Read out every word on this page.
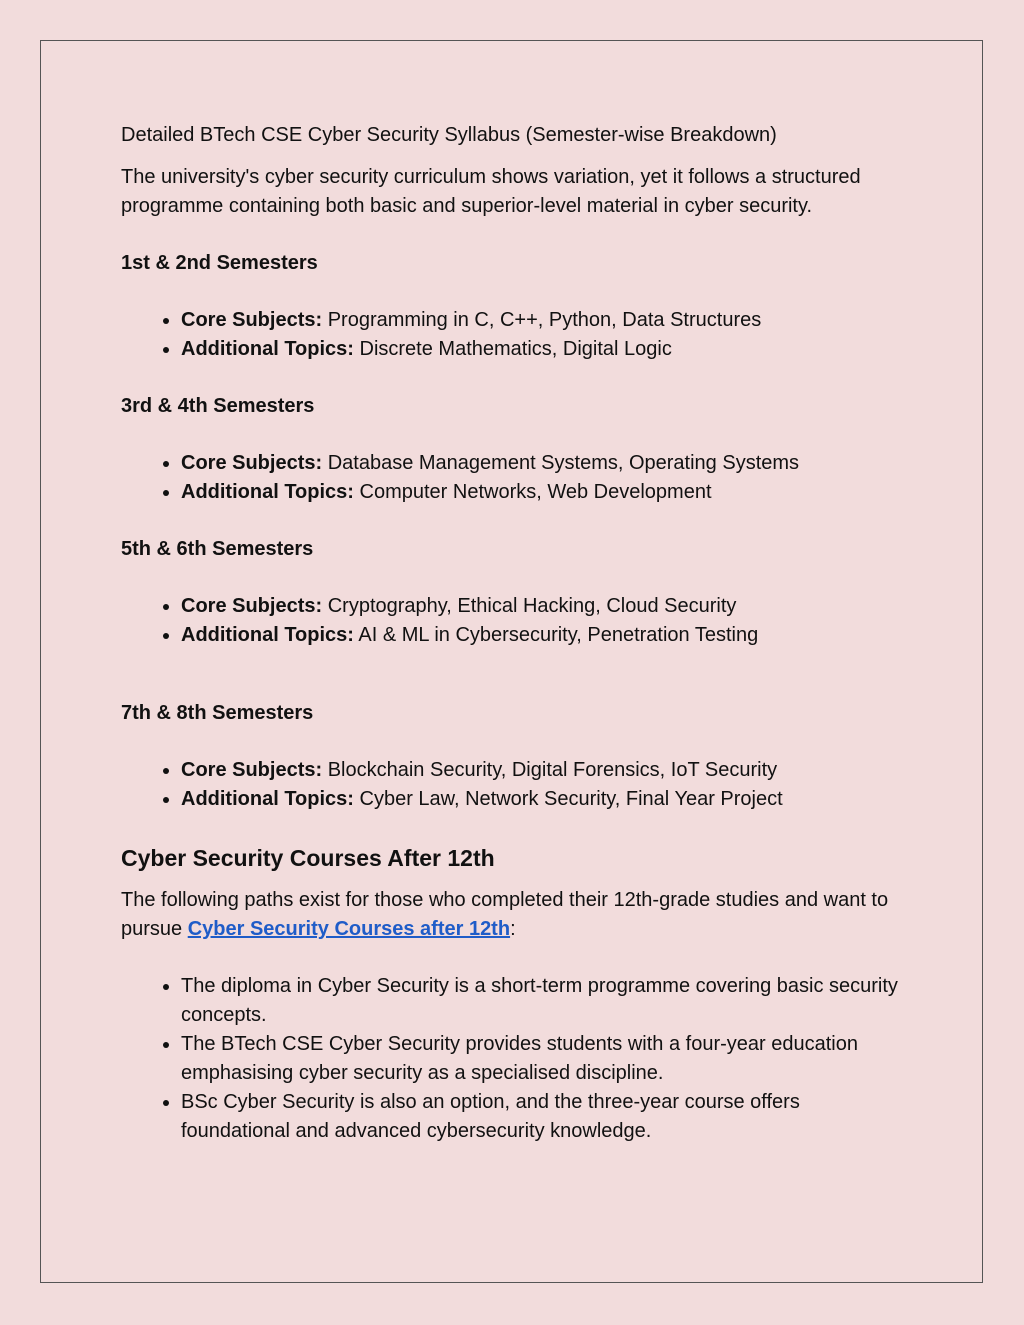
Detailed BTech CSE Cyber Security Syllabus (Semester-wise Breakdown)

The university's cyber security curriculum shows variation, yet it follows a structured programme containing both basic and superior-level material in cyber security.

1st & 2nd Semesters
• Core Subjects: Programming in C, C++, Python, Data Structures
• Additional Topics: Discrete Mathematics, Digital Logic
3rd & 4th Semesters
• Core Subjects: Database Management Systems, Operating Systems
• Additional Topics: Computer Networks, Web Development
5th & 6th Semesters
• Core Subjects: Cryptography, Ethical Hacking, Cloud Security
• Additional Topics: AI & ML in Cybersecurity, Penetration Testing
7th & 8th Semesters
• Core Subjects: Blockchain Security, Digital Forensics, IoT Security
• Additional Topics: Cyber Law, Network Security, Final Year Project
Cyber Security Courses After 12th

The following paths exist for those who completed their 12th-grade studies and want to pursue Cyber Security Courses after 12th:

• The diploma in Cyber Security is a short-term programme covering basic security concepts.
• The BTech CSE Cyber Security provides students with a four-year education emphasising cyber security as a specialised discipline.
• BSc Cyber Security is also an option, and the three-year course offers foundational and advanced cybersecurity knowledge.
